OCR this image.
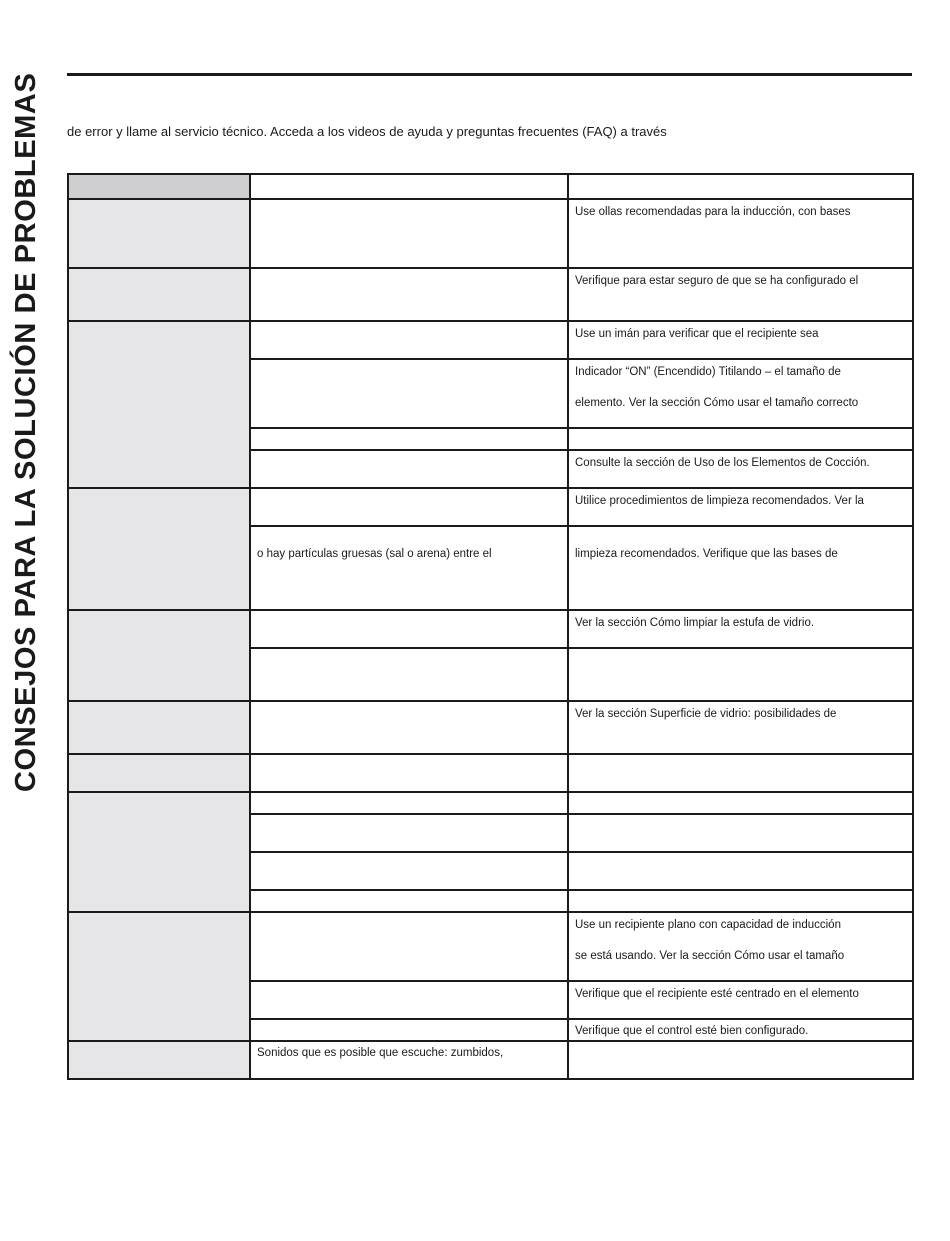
CONSEJOS PARA LA SOLUCIÓN DE PROBLEMAS	de error y llame al servicio técnico. Acceda a los videos de ayuda y preguntas frecuentes (FAQ) a través

		Use ollas recomendadas para la inducción, con bases

		Verifique para estar seguro de que se ha configurado el

		Use un imán para verificar que el recipiente sea

		Indicador “ON” (Encendido) Titilando – el tamaño de
elemento. Ver la sección Cómo usar el tamaño correcto

		Consulte la sección de Uso de los Elementos de Cocción.

		Utilice procedimientos de limpieza recomendados. Ver la

	o hay partículas gruesas (sal o arena) entre el	limpieza recomendados. Verifique que las bases de

		Ver la sección Cómo limpiar la estufa de vidrio.

		Ver la sección Superficie de vidrio: posibilidades de

		Use un recipiente plano con capacidad de inducción
se está usando. Ver la sección Cómo usar el tamaño

		Verifique que el recipiente esté centrado en el elemento

		Verifique que el control esté bien configurado.

	Sonidos que es posible que escuche: zumbidos,	
